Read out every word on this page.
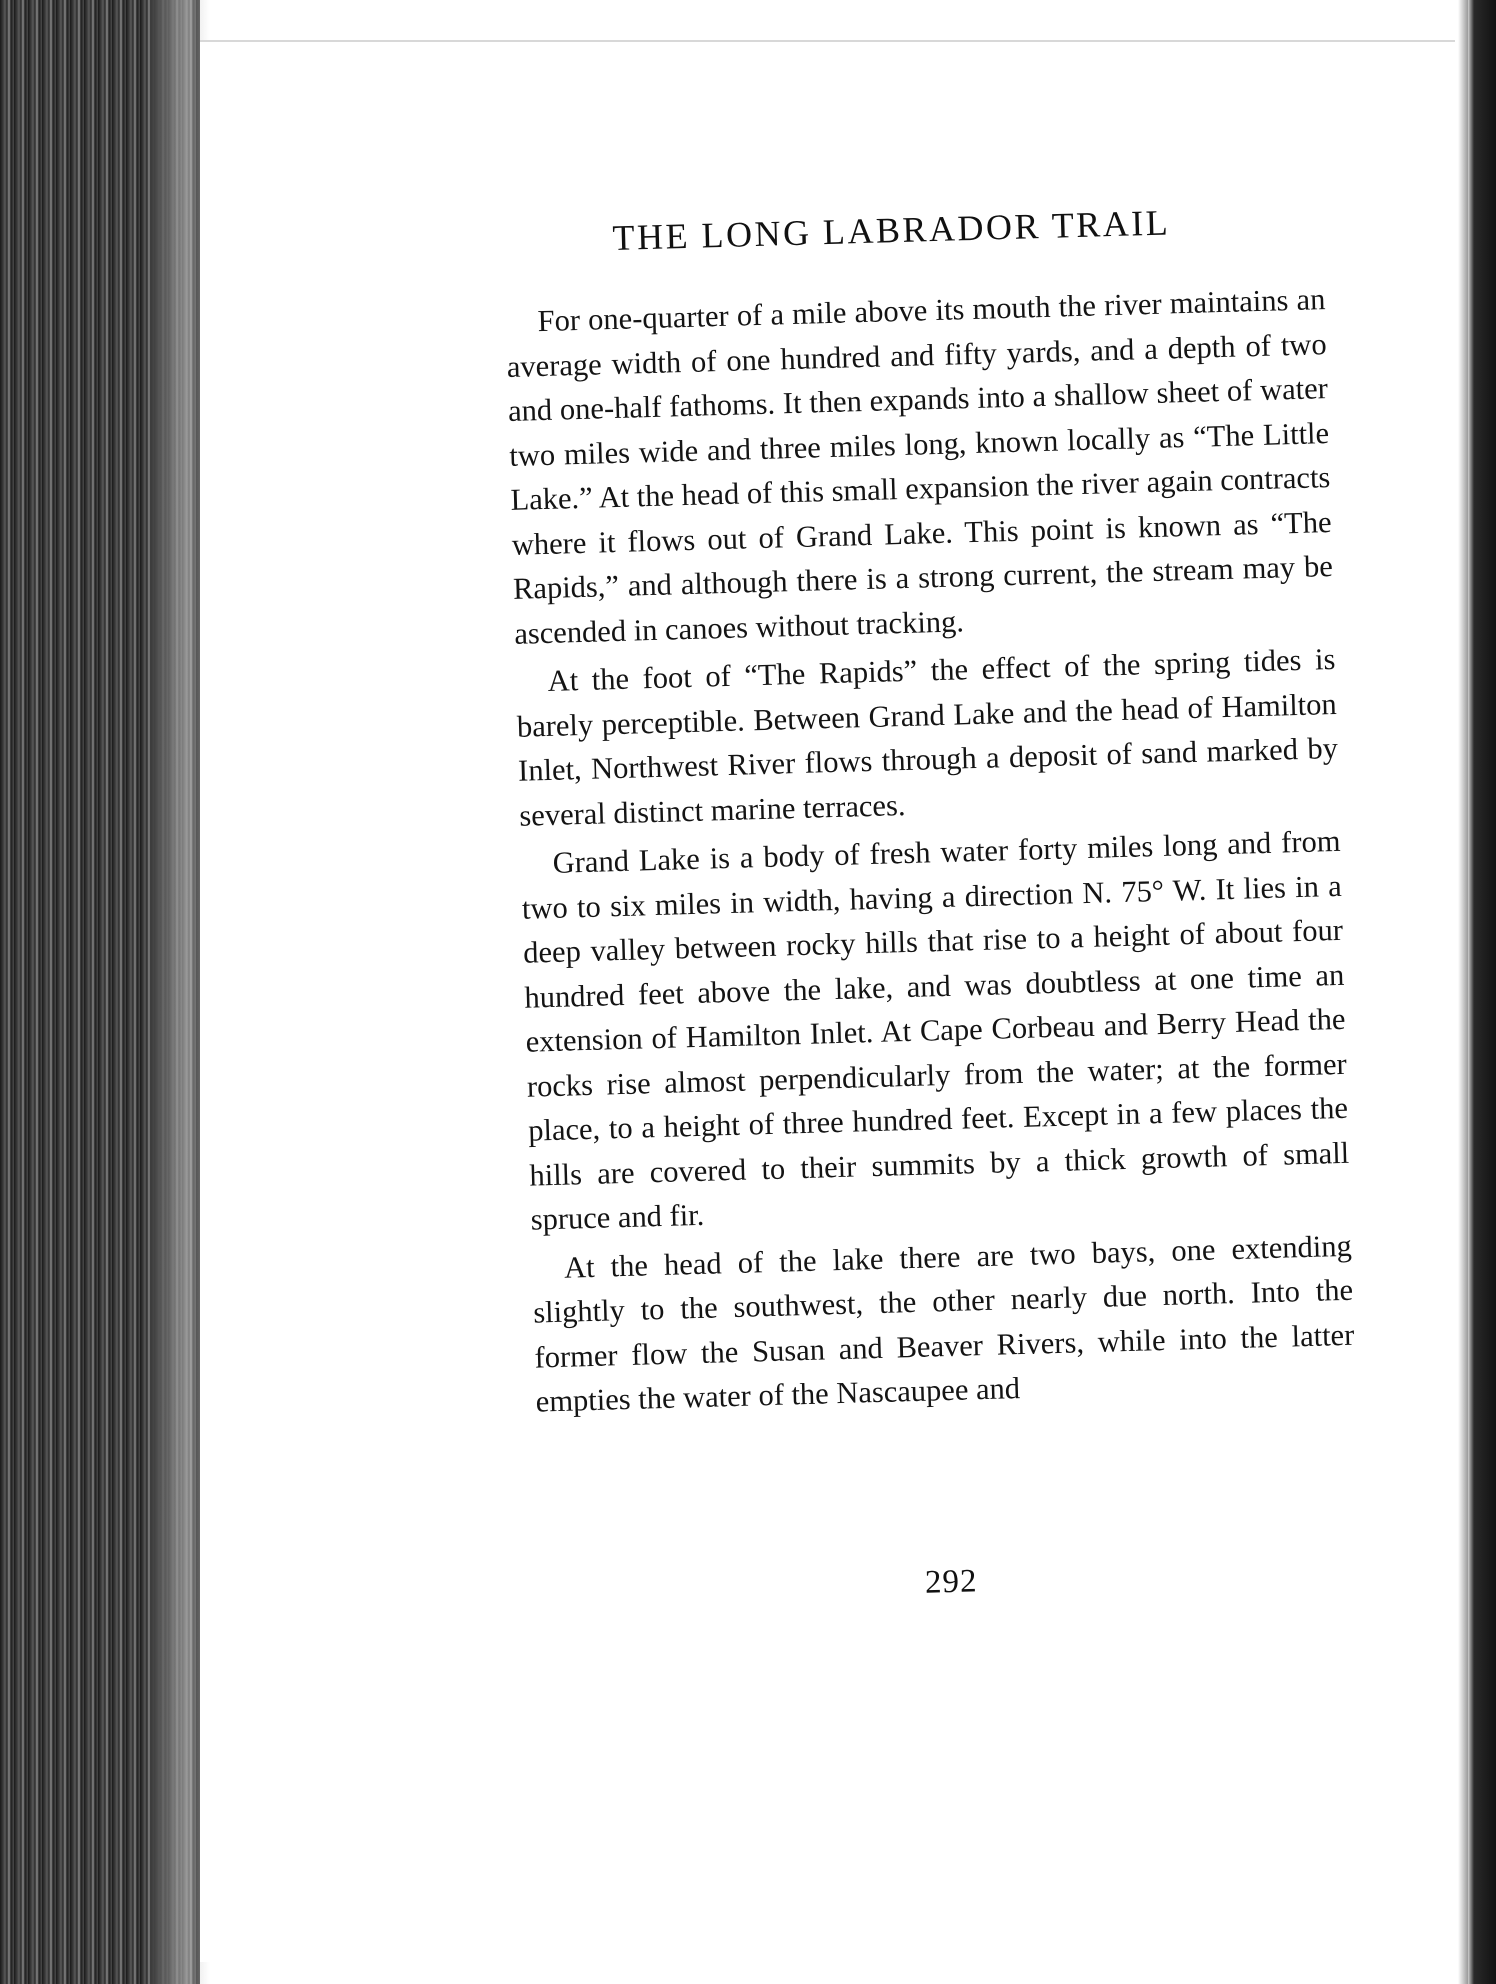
THE LONG LABRADOR TRAIL

For one-quarter of a mile above its mouth the river maintains an average width of one hundred and fifty yards, and a depth of two and one-half fathoms. It then expands into a shallow sheet of water two miles wide and three miles long, known locally as “The Little Lake.” At the head of this small expansion the river again contracts where it flows out of Grand Lake. This point is known as “The Rapids,” and although there is a strong current, the stream may be ascended in canoes without tracking.

At the foot of “The Rapids” the effect of the spring tides is barely perceptible. Between Grand Lake and the head of Hamilton Inlet, Northwest River flows through a deposit of sand marked by several distinct marine terraces.

Grand Lake is a body of fresh water forty miles long and from two to six miles in width, having a direction N. 75° W. It lies in a deep valley between rocky hills that rise to a height of about four hundred feet above the lake, and was doubtless at one time an extension of Hamilton Inlet. At Cape Corbeau and Berry Head the rocks rise almost perpendicularly from the water; at the former place, to a height of three hundred feet. Except in a few places the hills are covered to their summits by a thick growth of small spruce and fir.

At the head of the lake there are two bays, one extending slightly to the southwest, the other nearly due north. Into the former flow the Susan and Beaver Rivers, while into the latter empties the water of the Nascaupee and

292
